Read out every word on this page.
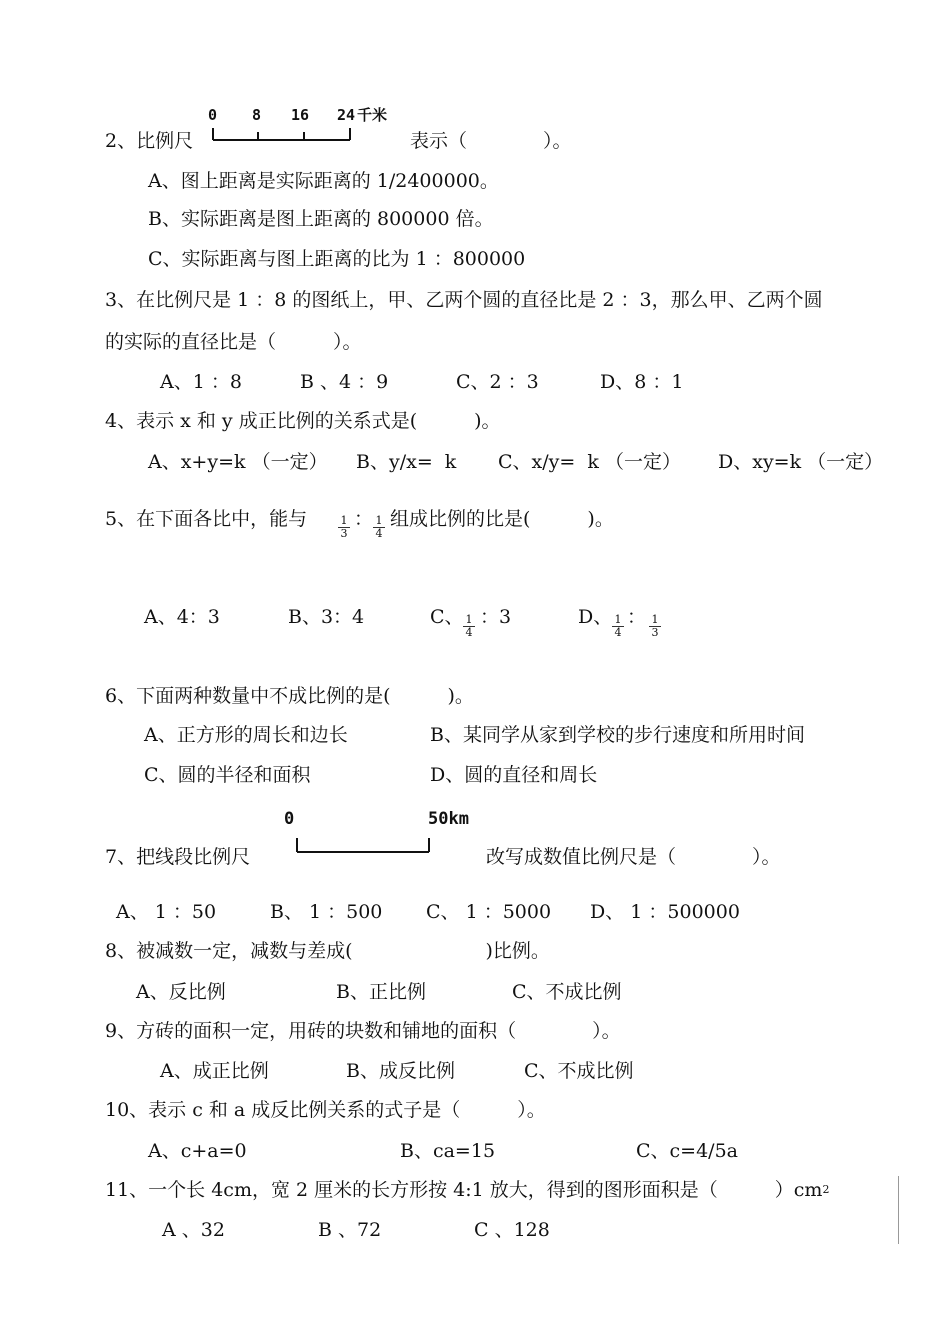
0 8 16 24 千米
2、比例尺	表示（　　　　）。
A、图上距离是实际距离的 1/2400000。
B、实际距离是图上距离的 800000 倍。
C、实际距离与图上距离的比为 1 ：800000
3、在比例尺是 1 ：8 的图纸上，甲、乙两个圆的直径比是 2 ：3，那么甲、乙两个圆
的实际的直径比是（　　　）。
A、1 ：8	B 、4 ：9	C、2 ：3	D、8 ：1
4、表示 x 和 y 成正比例的关系式是(　　　)。
A、x+y=k （一定） B、y/x=  k C、x/y=  k （一定） D、xy=k （一定）
5、在下面各比中，能与	$\frac{1}{3}$ ： $\frac{1}{4}$ 组成比例的比是(　　　)。
A、4：3	B、3：4	C、 $\frac{1}{4}$ ：3	D、 $\frac{1}{4}$ ： $\frac{1}{3}$
6、下面两种数量中不成比例的是(　　　)。
A、正方形的周长和边长	B、某同学从家到学校的步行速度和所用时间
C、圆的半径和面积	D、圆的直径和周长
0	50km
7、把线段比例尺	改写成数值比例尺是（　　　　）。
A、 1 ：50	B、 1 ：500 C、 1 ：5000 D、 1 ：500000
8、被减数一定，减数与差成(　　　　　　　)比例。
A、反比例	B、正比例	C、不成比例
9、方砖的面积一定，用砖的块数和铺地的面积（　　　　）。
A、成正比例	B、成反比例	C、不成比例
10、表示 c 和 a 成反比例关系的式子是（　　　）。
A、c+a=0	B、ca=15	C、c=4/5a
11、一个长 4cm，宽 2 厘米的长方形按 4:1 放大，得到的图形面积是（　　　）$cm^2$
A 、32	B 、72	C 、128
